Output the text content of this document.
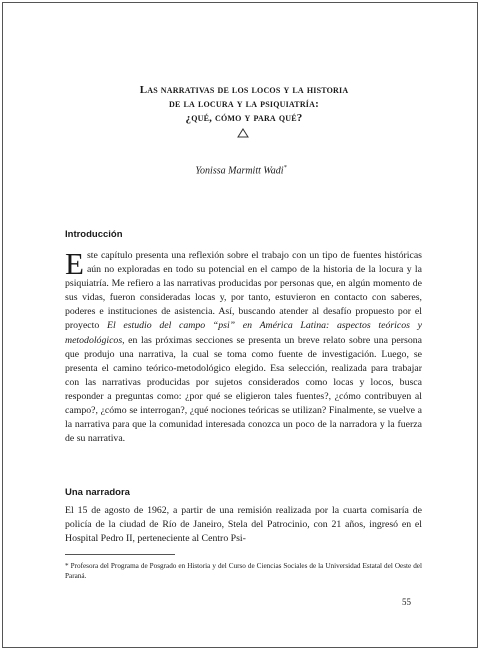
Las narrativas de los locos y la historia
de la locura y la psiquiatría:
¿qué, cómo y para qué?
Yonissa Marmitt Wadi*
Introducción
Este capítulo presenta una reflexión sobre el trabajo con un tipo de fuentes históricas aún no exploradas en todo su potencial en el campo de la historia de la locura y la psiquiatría. Me refiero a las narrativas producidas por personas que, en algún momento de sus vidas, fueron consideradas locas y, por tanto, estuvieron en contacto con saberes, poderes e instituciones de asistencia. Así, buscando atender al desafío propuesto por el proyecto El estudio del campo “psi” en América Latina: aspectos teóricos y metodológicos, en las próximas secciones se presenta un breve relato sobre una persona que produjo una narrativa, la cual se toma como fuente de investigación. Luego, se presenta el camino teórico-metodológico elegido. Esa selección, realizada para trabajar con las narrativas producidas por sujetos considerados como locas y locos, busca responder a preguntas como: ¿por qué se eligieron tales fuentes?, ¿cómo contribuyen al campo?, ¿cómo se interrogan?, ¿qué nociones teóricas se utilizan? Finalmente, se vuelve a la narrativa para que la comunidad interesada conozca un poco de la narradora y la fuerza de su narrativa.
Una narradora
El 15 de agosto de 1962, a partir de una remisión realizada por la cuarta comisaría de policía de la ciudad de Río de Janeiro, Stela del Patrocinio, con 21 años, ingresó en el Hospital Pedro II, perteneciente al Centro Psi-
* Profesora del Programa de Posgrado en Historia y del Curso de Ciencias Sociales de la Universidad Estatal del Oeste del Paraná.
55
